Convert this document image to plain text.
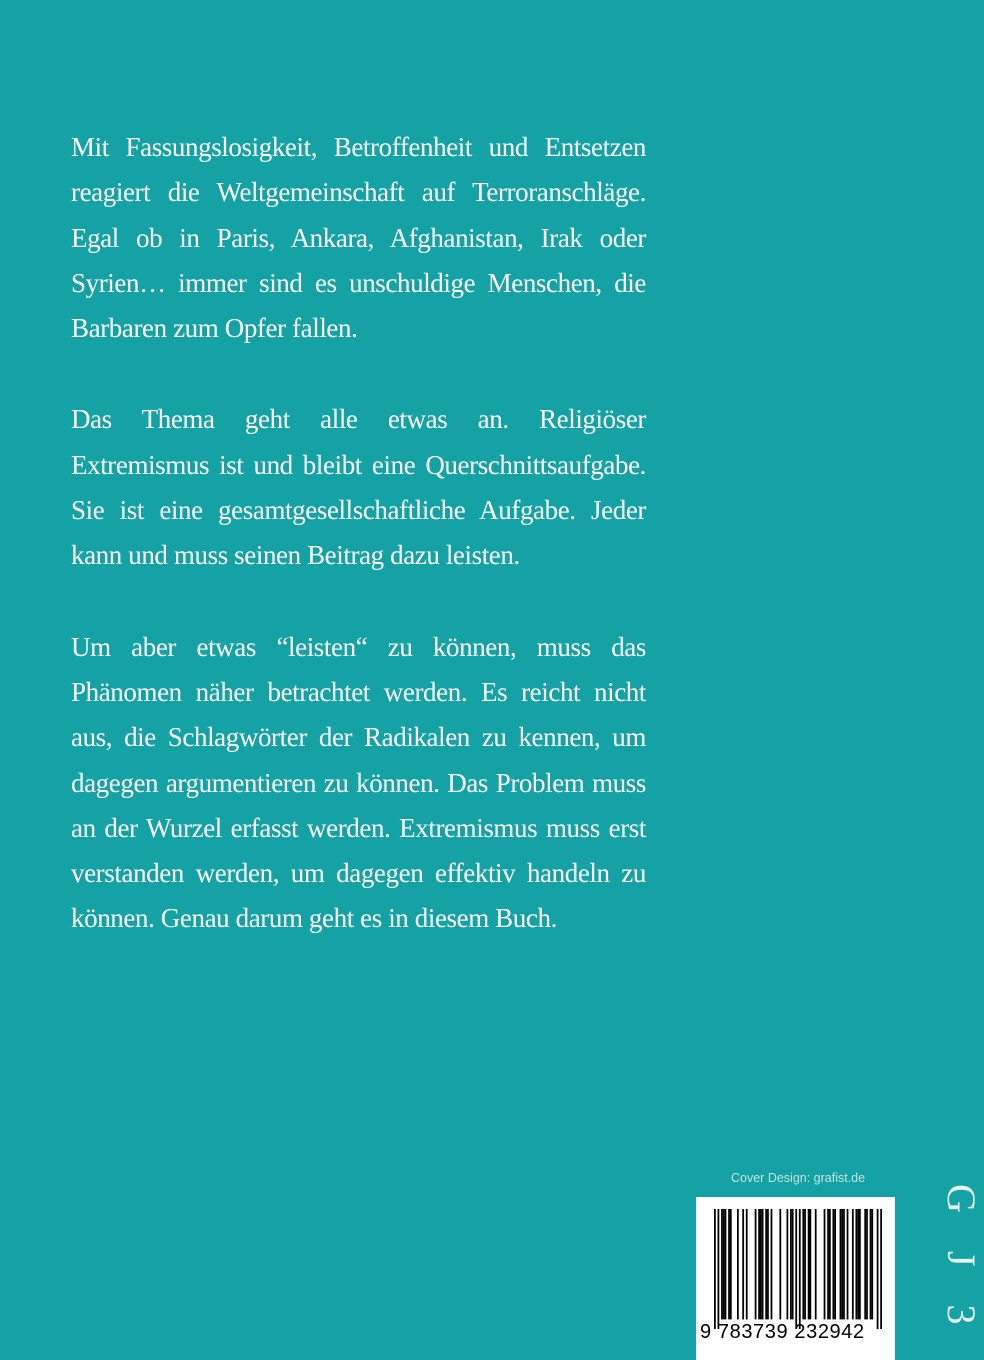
Mit Fassungslosigkeit, Betroffenheit und Entsetzen reagiert die Weltgemeinschaft auf Terroranschläge. Egal ob in Paris, Ankara, Afghanistan, Irak oder Syrien… immer sind es unschuldige Menschen, die Barbaren zum Opfer fallen.

Das Thema geht alle etwas an. Religiöser Extremismus ist und bleibt eine Querschnittsaufgabe. Sie ist eine gesamtgesellschaftliche Aufgabe. Jeder kann und muss seinen Beitrag dazu leisten.

Um aber etwas “leisten“ zu können, muss das Phänomen näher betrachtet werden. Es reicht nicht aus, die Schlagwörter der Radikalen zu kennen, um dagegen argumentieren zu können. Das Problem muss an der Wurzel erfasst werden. Extremismus muss erst verstanden werden, um dagegen effektiv handeln zu können. Genau darum geht es in diesem Buch.

Cover Design: grafist.de
9 783739 232942	G J 3
